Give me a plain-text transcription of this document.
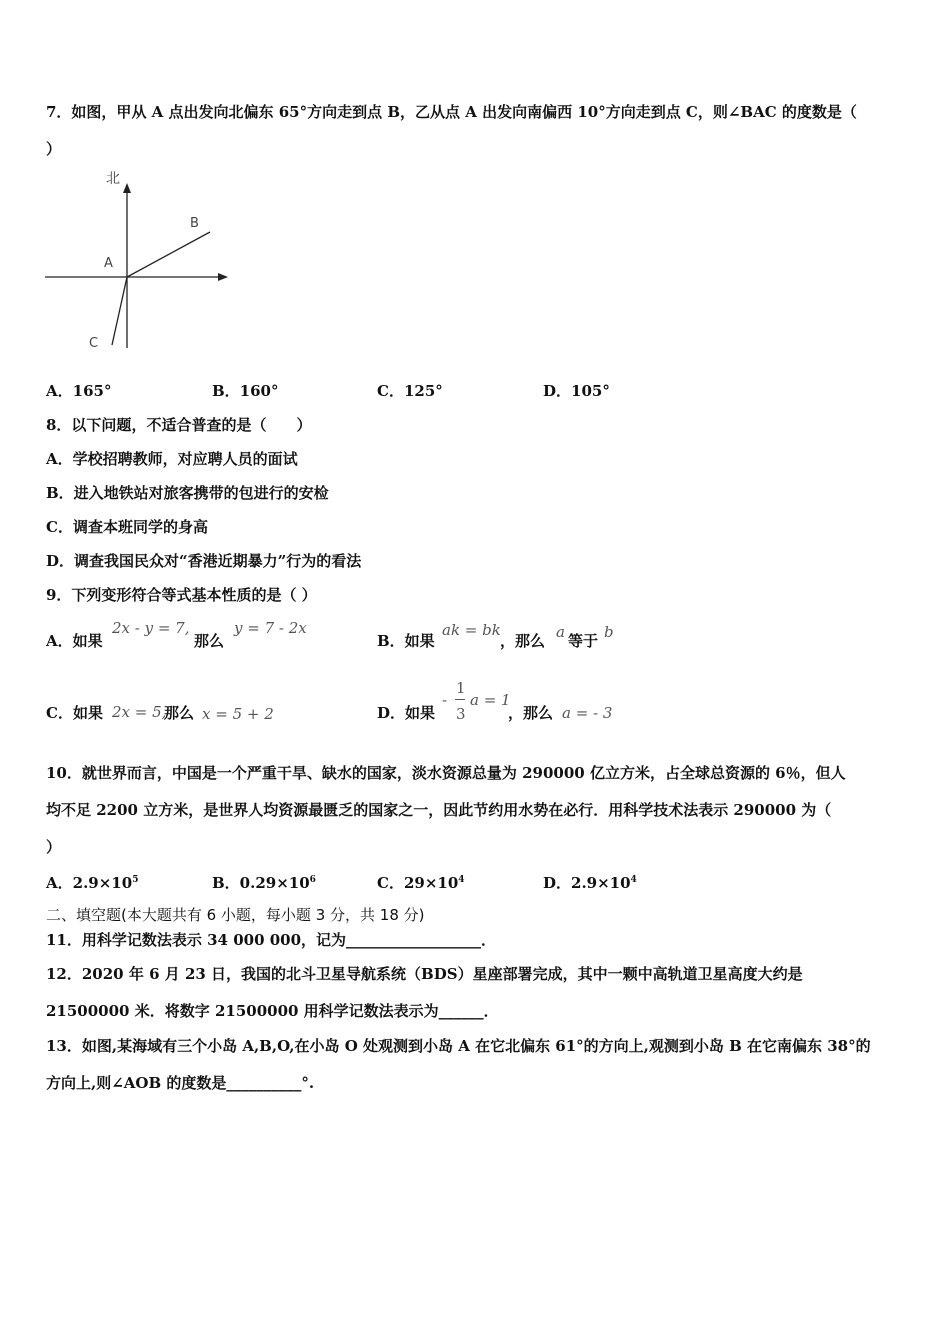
7．如图，甲从 A 点出发向北偏东 65°方向走到点 B，乙从点 A 出发向南偏西 10°方向走到点 C，则∠BAC 的度数是（
）
北
A
B
C
A．165°	B．160°	C．125°	D．105°
8．以下问题，不适合普查的是（　　）
A．学校招聘教师，对应聘人员的面试
B．进入地铁站对旅客携带的包进行的安检
C．调查本班同学的身高
D．调查我国民众对“香港近期暴力”行为的看法
9．下列变形符合等式基本性质的是（ ）
A．如果
2x - y = 7,
那么
y = 7 - 2x
B．如果
ak = bk
，那么 a 等于 b
C．如果 2x = 5,
那么 x = 5 + 2	D．如果
-
1
3
a = 1
，那么 a = - 3
10．就世界而言，中国是一个严重干旱、缺水的国家，淡水资源总量为 290000 亿立方米，占全球总资源的 6％，但人
均不足 2200 立方米，是世界人均资源最匮乏的国家之一，因此节约用水势在必行．用科学技术法表示 290000 为（
）
A．$2.9\times 10^5$	B．$0.29\times 10^6$	C．$29\times 10^4$	D．$2.9\times 10^4$
二、填空题(本大题共有 6 小题，每小题 3 分，共 18 分)
11．用科学记数法表示 34 000 000，记为__________________．
12．2020 年 6 月 23 日，我国的北斗卫星导航系统（BDS）星座部署完成，其中一颗中高轨道卫星高度大约是
21500000 米．将数字 21500000 用科学记数法表示为______．
13．如图,某海域有三个小岛 A,B,O,在小岛 O 处观测到小岛 A 在它北偏东 61°的方向上,观测到小岛 B 在它南偏东 38°的
方向上,则∠AOB 的度数是__________°.
